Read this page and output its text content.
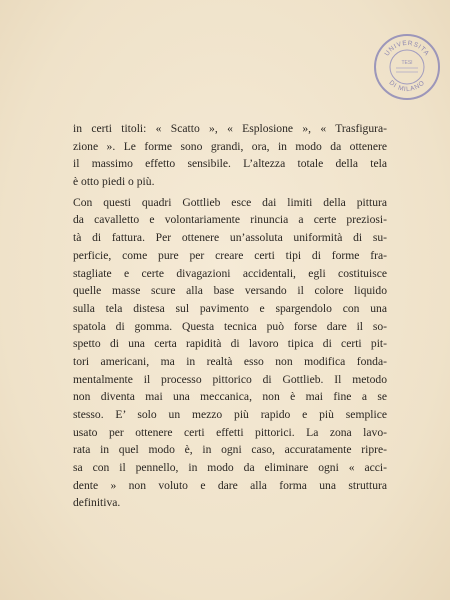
UNIVERSITA
DI MILANO
TESI
in certi titoli: « Scatto », « Esplosione », « Trasfigura-
zione ». Le forme sono grandi, ora, in modo da ottenere
il massimo effetto sensibile. L’altezza totale della tela
è otto piedi o più.
Con questi quadri Gottlieb esce dai limiti della pittura
da cavalletto e volontariamente rinuncia a certe preziosi-
tà di fattura. Per ottenere un’assoluta uniformità di su-
perficie, come pure per creare certi tipi di forme fra-
stagliate e certe divagazioni accidentali, egli costituisce
quelle masse scure alla base versando il colore liquido
sulla tela distesa sul pavimento e spargendolo con una
spatola di gomma. Questa tecnica può forse dare il so-
spetto di una certa rapidità di lavoro tipica di certi pit-
tori americani, ma in realtà esso non modifica fonda-
mentalmente il processo pittorico di Gottlieb. Il metodo
non diventa mai una meccanica, non è mai fine a se
stesso. E’ solo un mezzo più rapido e più semplice
usato per ottenere certi effetti pittorici. La zona lavo-
rata in quel modo è, in ogni caso, accuratamente ripre-
sa con il pennello, in modo da eliminare ogni « acci-
dente » non voluto e dare alla forma una struttura
definitiva.
